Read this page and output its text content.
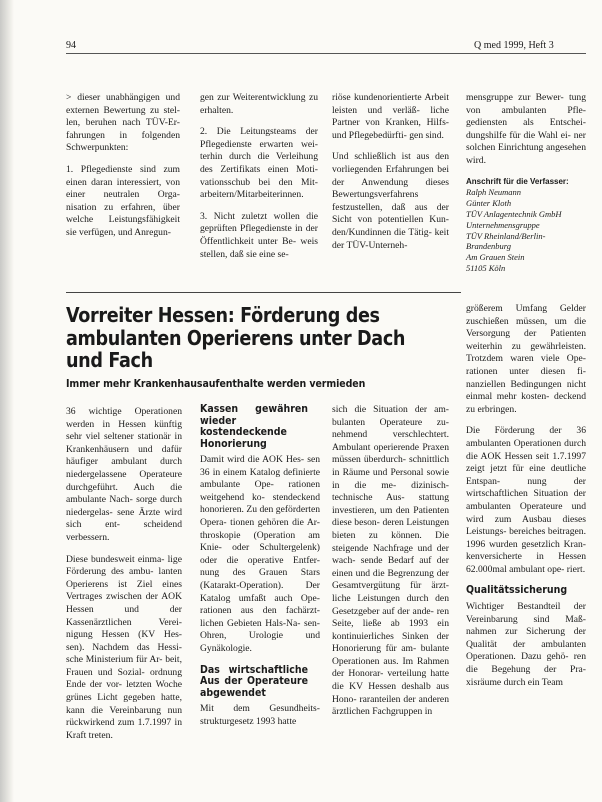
94	Q med 1999, Heft 3

> dieser unabhängigen und externen Bewertung zu stel- len, beruhen nach TÜV-Er- fahrungen in folgenden Schwerpunkten:

1. Pflegedienste sind zum einen daran interessiert, von einer neutralen Orga- nisation zu erfahren, über welche Leistungsfähigkeit sie verfügen, und Anregun-

gen zur Weiterentwicklung zu erhalten.

2. Die Leitungsteams der Pflegedienste erwarten wei- terhin durch die Verleihung des Zertifikats einen Moti- vationsschub bei den Mit- arbeitern/Mitarbeiterinnen.

3. Nicht zuletzt wollen die geprüften Pflegedienste in der Öffentlichkeit unter Be- weis stellen, daß sie eine se-

riöse kundenorientierte Arbeit leisten und verläß- liche Partner von Kranken, Hilfs- und Pflegebedürfti- gen sind.

Und schließlich ist aus den vorliegenden Erfahrungen bei der Anwendung dieses Bewertungsverfahrens festzustellen, daß aus der Sicht von potentiellen Kun- den/Kundinnen die Tätig- keit der TÜV-Unterneh-

mensgruppe zur Bewer- tung von ambulanten Pfle- gediensten als Entschei- dungshilfe für die Wahl ei- ner solchen Einrichtung angesehen wird.

Anschrift für die Verfasser:
Ralph Neumann
Günter Kloth
TÜV Anlagentechnik GmbH
Unternehmensgruppe
TÜV Rheinland/Berlin-
Brandenburg
Am Grauen Stein
51105 Köln
Vorreiter Hessen: Förderung des ambulanten Operierens unter Dach und Fach
Immer mehr Krankenhausaufenthalte werden vermieden

36 wichtige Operationen werden in Hessen künftig sehr viel seltener stationär in Krankenhäusern und dafür häufiger ambulant durch niedergelassene Operateure durchgeführt. Auch die ambulante Nach- sorge durch niedergelas- sene Ärzte wird sich ent- scheidend verbessern.

Diese bundesweit einma- lige Förderung des ambu- lanten Operierens ist Ziel eines Vertrages zwischen der AOK Hessen und der Kassenärztlichen Verei- nigung Hessen (KV Hes- sen). Nachdem das Hessi- sche Ministerium für Ar- beit, Frauen und Sozial- ordnung Ende der vor- letzten Woche grünes Licht gegeben hatte, kann die Vereinbarung nun rückwirkend zum 1.7.1997 in Kraft treten.

Kassen gewähren wieder kostendeckende Honorierung

Damit wird die AOK Hes- sen 36 in einem Katalog definierte ambulante Ope- rationen weitgehend ko- stendeckend honorieren. Zu den geförderten Opera- tionen gehören die Ar- throskopie (Operation am Knie- oder Schultergelenk) oder die operative Entfer- nung des Grauen Stars (Katarakt-Operation). Der Katalog umfaßt auch Ope- rationen aus den fachärzt- lichen Gebieten Hals-Na- sen-Ohren, Urologie und Gynäkologie.

Das wirtschaftliche Aus der Operateure abgewendet

Mit dem Gesundheits- strukturgesetz 1993 hatte

sich die Situation der am- bulanten Operateure zu- nehmend verschlechtert. Ambulant operierende Praxen müssen überdurch- schnittlich in Räume und Personal sowie in die me- dizinisch-technische Aus- stattung investieren, um den Patienten diese beson- deren Leistungen bieten zu können. Die steigende Nachfrage und der wach- sende Bedarf auf der einen und die Begrenzung der Gesamtvergütung für ärzt- liche Leistungen durch den Gesetzgeber auf der ande- ren Seite, ließe ab 1993 ein kontinuierliches Sinken der Honorierung für am- bulante Operationen aus. Im Rahmen der Honorar- verteilung hatte die KV Hessen deshalb aus Hono- raranteilen der anderen ärztlichen Fachgruppen in

größerem Umfang Gelder zuschießen müssen, um die Versorgung der Patienten weiterhin zu gewährleisten. Trotzdem waren viele Ope- rationen unter diesen fi- nanziellen Bedingungen nicht einmal mehr kosten- deckend zu erbringen.

Die Förderung der 36 ambulanten Operationen durch die AOK Hessen seit 1.7.1997 zeigt jetzt für eine deutliche Entspan- nung der wirtschaftlichen Situation der ambulanten Operateure und wird zum Ausbau dieses Leistungs- bereiches beitragen. 1996 wurden gesetzlich Kran- kenversicherte in Hessen 62.000mal ambulant ope- riert.

Qualitätssicherung

Wichtiger Bestandteil der Vereinbarung sind Maß- nahmen zur Sicherung der Qualität der ambulanten Operationen. Dazu gehö- ren die Begehung der Pra- xisräume durch ein Team
